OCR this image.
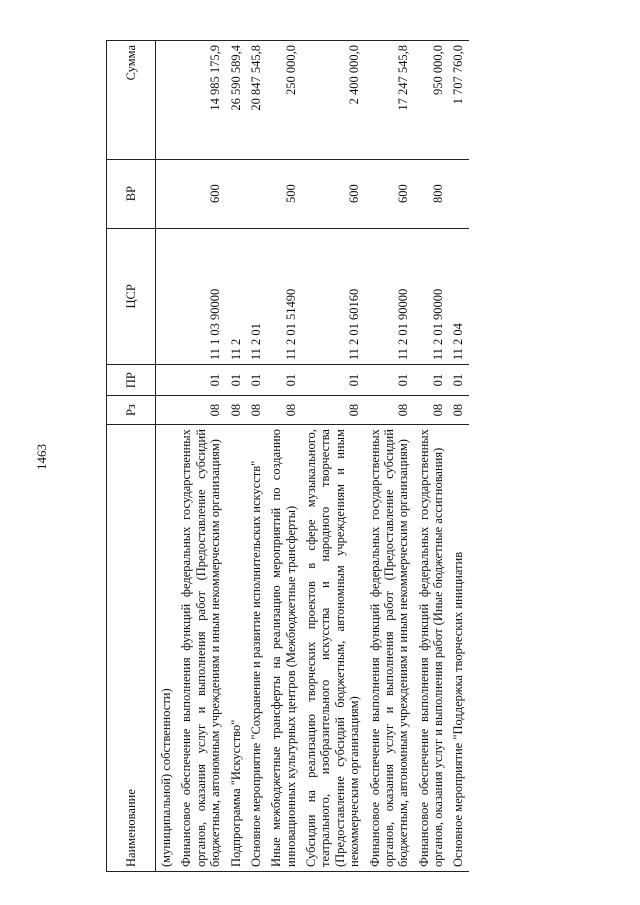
1463
Наименование	Рз	ПР	ЦСР	ВР	Сумма
(муниципальной) собственности)					
Финансовое обеспечение выполнения функций федеральных государственных органов, оказания услуг и выполнения работ (Предоставление субсидий бюджетным, автономным учреждениям и иным некоммерческим организациям)	08	01	11 1 03 90000	600	14 985 175,9
Подпрограмма "Искусство"	08	01	11 2		26 590 589,4
Основное мероприятие "Сохранение и развитие исполнительских искусств"	08	01	11 2 01		20 847 545,8
Иные межбюджетные трансферты на реализацию мероприятий по созданию инновационных культурных центров (Межбюджетные трансферты)	08	01	11 2 01 51490	500	250 000,0
Субсидии на реализацию творческих проектов в сфере музыкального, театрального, изобразительного искусства и народного творчества (Предоставление субсидий бюджетным, автономным учреждениям и иным некоммерческим организациям)	08	01	11 2 01 60160	600	2 400 000,0
Финансовое обеспечение выполнения функций федеральных государственных органов, оказания услуг и выполнения работ (Предоставление субсидий бюджетным, автономным учреждениям и иным некоммерческим организациям)	08	01	11 2 01 90000	600	17 247 545,8
Финансовое обеспечение выполнения функций федеральных государственных органов, оказания услуг и выполнения работ (Иные бюджетные ассигнования)	08	01	11 2 01 90000	800	950 000,0
Основное мероприятие "Поддержка творческих инициатив	08	01	11 2 04		1 707 760,0
